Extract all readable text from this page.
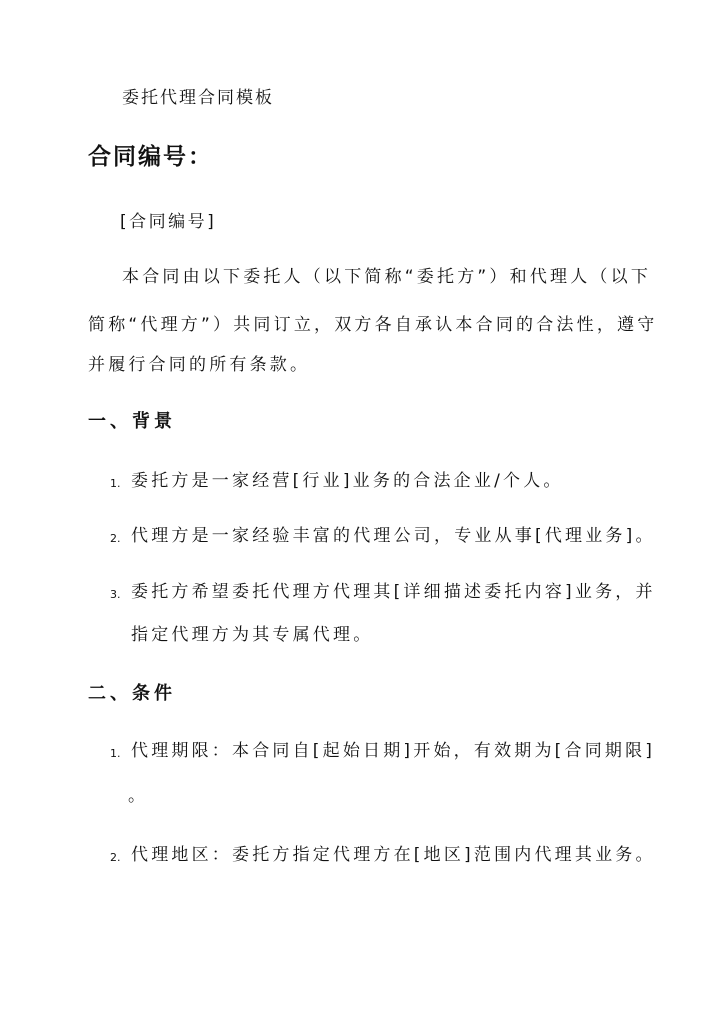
委托代理合同模板
合同编号：
[合同编号]
本合同由以下委托人（以下简称“委托方”）和代理人（以下
简称“代理方”）共同订立，双方各自承认本合同的合法性，遵守
并履行合同的所有条款。
一、背景
1. 委托方是一家经营[行业]业务的合法企业/个人。
2. 代理方是一家经验丰富的代理公司，专业从事[代理业务]。
3. 委托方希望委托代理方代理其[详细描述委托内容]业务，并
指定代理方为其专属代理。
二、条件
1. 代理期限：本合同自[起始日期]开始，有效期为[合同期限]
。
2. 代理地区：委托方指定代理方在[地区]范围内代理其业务。
